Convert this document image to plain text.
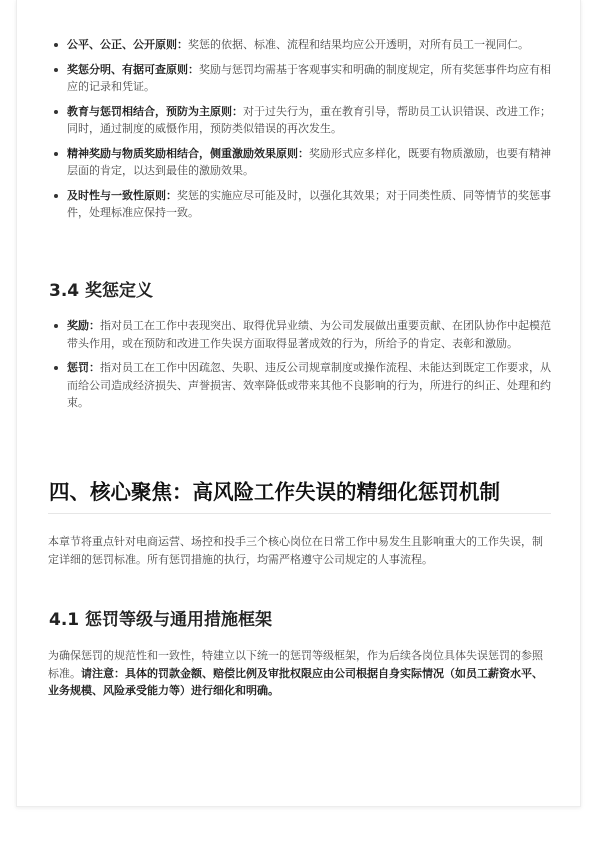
公平、公正、公开原则：奖惩的依据、标准、流程和结果均应公开透明，对所有员工一视同仁。
奖惩分明、有据可查原则：奖励与惩罚均需基于客观事实和明确的制度规定，所有奖惩事件均应有相应的记录和凭证。
教育与惩罚相结合，预防为主原则：对于过失行为，重在教育引导，帮助员工认识错误、改进工作；同时，通过制度的威慑作用，预防类似错误的再次发生。
精神奖励与物质奖励相结合，侧重激励效果原则：奖励形式应多样化，既要有物质激励，也要有精神层面的肯定，以达到最佳的激励效果。
及时性与一致性原则：奖惩的实施应尽可能及时，以强化其效果；对于同类性质、同等情节的奖惩事件，处理标准应保持一致。
3.4 奖惩定义
奖励：指对员工在工作中表现突出、取得优异业绩、为公司发展做出重要贡献、在团队协作中起模范带头作用，或在预防和改进工作失误方面取得显著成效的行为，所给予的肯定、表彰和激励。
惩罚：指对员工在工作中因疏忽、失职、违反公司规章制度或操作流程、未能达到既定工作要求，从而给公司造成经济损失、声誉损害、效率降低或带来其他不良影响的行为，所进行的纠正、处理和约束。
四、核心聚焦：高风险工作失误的精细化惩罚机制

本章节将重点针对电商运营、场控和投手三个核心岗位在日常工作中易发生且影响重大的工作失误，制定详细的惩罚标准。所有惩罚措施的执行，均需严格遵守公司规定的人事流程。

4.1 惩罚等级与通用措施框架

为确保惩罚的规范性和一致性，特建立以下统一的惩罚等级框架，作为后续各岗位具体失误惩罚的参照标准。请注意：具体的罚款金额、赔偿比例及审批权限应由公司根据自身实际情况（如员工薪资水平、业务规模、风险承受能力等）进行细化和明确。
